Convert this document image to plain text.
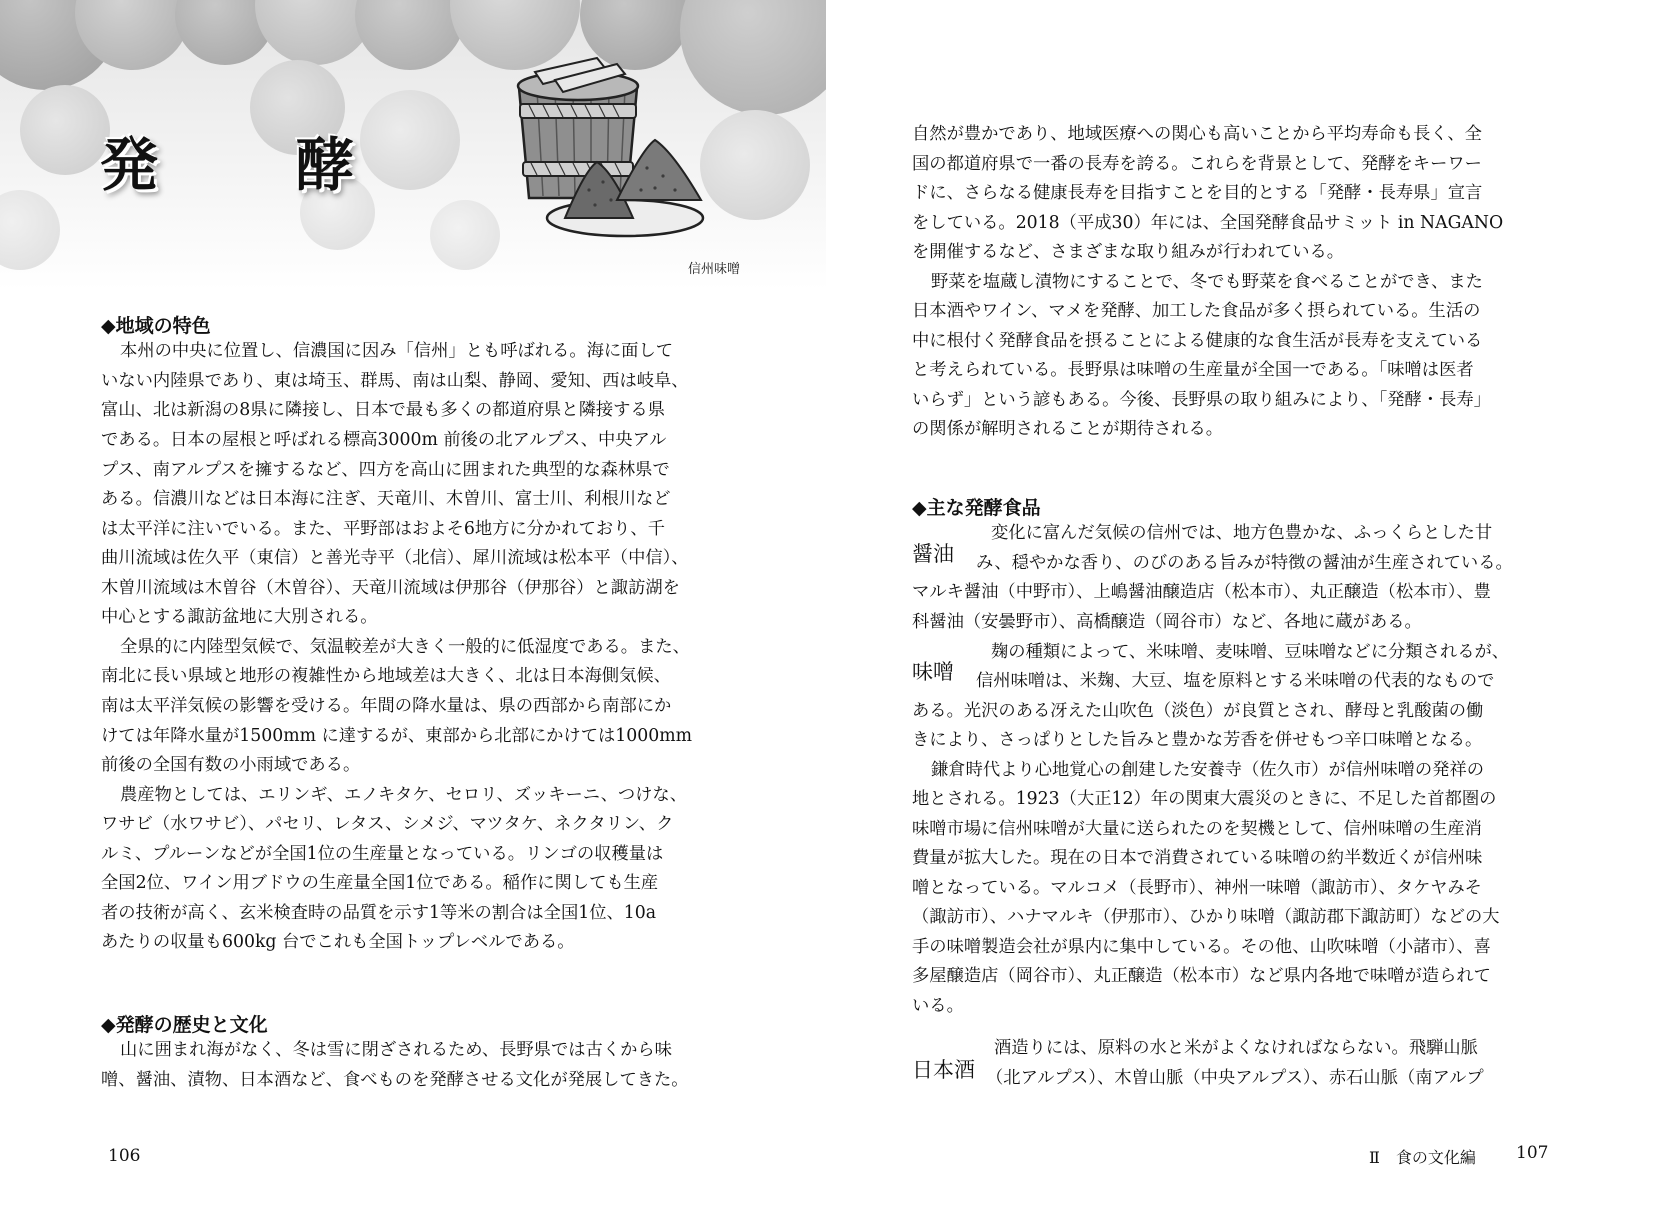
発　酵
信州味噌
◆地域の特色
本州の中央に位置し、信濃国に因み「信州」とも呼ばれる。海に面して
いない内陸県であり、東は埼玉、群馬、南は山梨、静岡、愛知、西は岐阜、
富山、北は新潟の8県に隣接し、日本で最も多くの都道府県と隣接する県
である。日本の屋根と呼ばれる標高3000m 前後の北アルプス、中央アル
プス、南アルプスを擁するなど、四方を高山に囲まれた典型的な森林県で
ある。信濃川などは日本海に注ぎ、天竜川、木曽川、富士川、利根川など
は太平洋に注いでいる。また、平野部はおよそ6地方に分かれており、千
曲川流域は佐久平（東信）と善光寺平（北信）、犀川流域は松本平（中信）、
木曽川流域は木曽谷（木曽谷）、天竜川流域は伊那谷（伊那谷）と諏訪湖を
中心とする諏訪盆地に大別される。
全県的に内陸型気候で、気温較差が大きく一般的に低湿度である。また、
南北に長い県域と地形の複雑性から地域差は大きく、北は日本海側気候、
南は太平洋気候の影響を受ける。年間の降水量は、県の西部から南部にか
けては年降水量が1500mm に達するが、東部から北部にかけては1000mm
前後の全国有数の小雨域である。
農産物としては、エリンギ、エノキタケ、セロリ、ズッキーニ、つけな、
ワサビ（水ワサビ）、パセリ、レタス、シメジ、マツタケ、ネクタリン、ク
ルミ、プルーンなどが全国1位の生産量となっている。リンゴの収穫量は
全国2位、ワイン用ブドウの生産量全国1位である。稲作に関しても生産
者の技術が高く、玄米検査時の品質を示す1等米の割合は全国1位、10a
あたりの収量も600kg 台でこれも全国トップレベルである。
◆発酵の歴史と文化
山に囲まれ海がなく、冬は雪に閉ざされるため、長野県では古くから味
噌、醤油、漬物、日本酒など、食べものを発酵させる文化が発展してきた。
106
自然が豊かであり、地域医療への関心も高いことから平均寿命も長く、全
国の都道府県で一番の長寿を誇る。これらを背景として、発酵をキーワー
ドに、さらなる健康長寿を目指すことを目的とする「発酵・長寿県」宣言
をしている。2018（平成30）年には、全国発酵食品サミット in NAGANO
を開催するなど、さまざまな取り組みが行われている。
野菜を塩蔵し漬物にすることで、冬でも野菜を食べることができ、また
日本酒やワイン、マメを発酵、加工した食品が多く摂られている。生活の
中に根付く発酵食品を摂ることによる健康的な食生活が長寿を支えている
と考えられている。長野県は味噌の生産量が全国一である。「味噌は医者
いらず」という諺もある。今後、長野県の取り組みにより、「発酵・長寿」
の関係が解明されることが期待される。
◆主な発酵食品
醤油
変化に富んだ気候の信州では、地方色豊かな、ふっくらとした甘
み、穏やかな香り、のびのある旨みが特徴の醤油が生産されている。
マルキ醤油（中野市）、上嶋醤油醸造店（松本市）、丸正醸造（松本市）、豊
科醤油（安曇野市）、高橋醸造（岡谷市）など、各地に蔵がある。
味噌
麹の種類によって、米味噌、麦味噌、豆味噌などに分類されるが、
信州味噌は、米麹、大豆、塩を原料とする米味噌の代表的なもので
ある。光沢のある冴えた山吹色（淡色）が良質とされ、酵母と乳酸菌の働
きにより、さっぱりとした旨みと豊かな芳香を併せもつ辛口味噌となる。
鎌倉時代より心地覚心の創建した安養寺（佐久市）が信州味噌の発祥の
地とされる。1923（大正12）年の関東大震災のときに、不足した首都圏の
味噌市場に信州味噌が大量に送られたのを契機として、信州味噌の生産消
費量が拡大した。現在の日本で消費されている味噌の約半数近くが信州味
噌となっている。マルコメ（長野市）、神州一味噌（諏訪市）、タケヤみそ
（諏訪市）、ハナマルキ（伊那市）、ひかり味噌（諏訪郡下諏訪町）などの大
手の味噌製造会社が県内に集中している。その他、山吹味噌（小諸市）、喜
多屋醸造店（岡谷市）、丸正醸造（松本市）など県内各地で味噌が造られて
いる。
日本酒
酒造りには、原料の水と米がよくなければならない。飛騨山脈
（北アルプス）、木曽山脈（中央アルプス）、赤石山脈（南アルプ
Ⅱ　食の文化編 107
